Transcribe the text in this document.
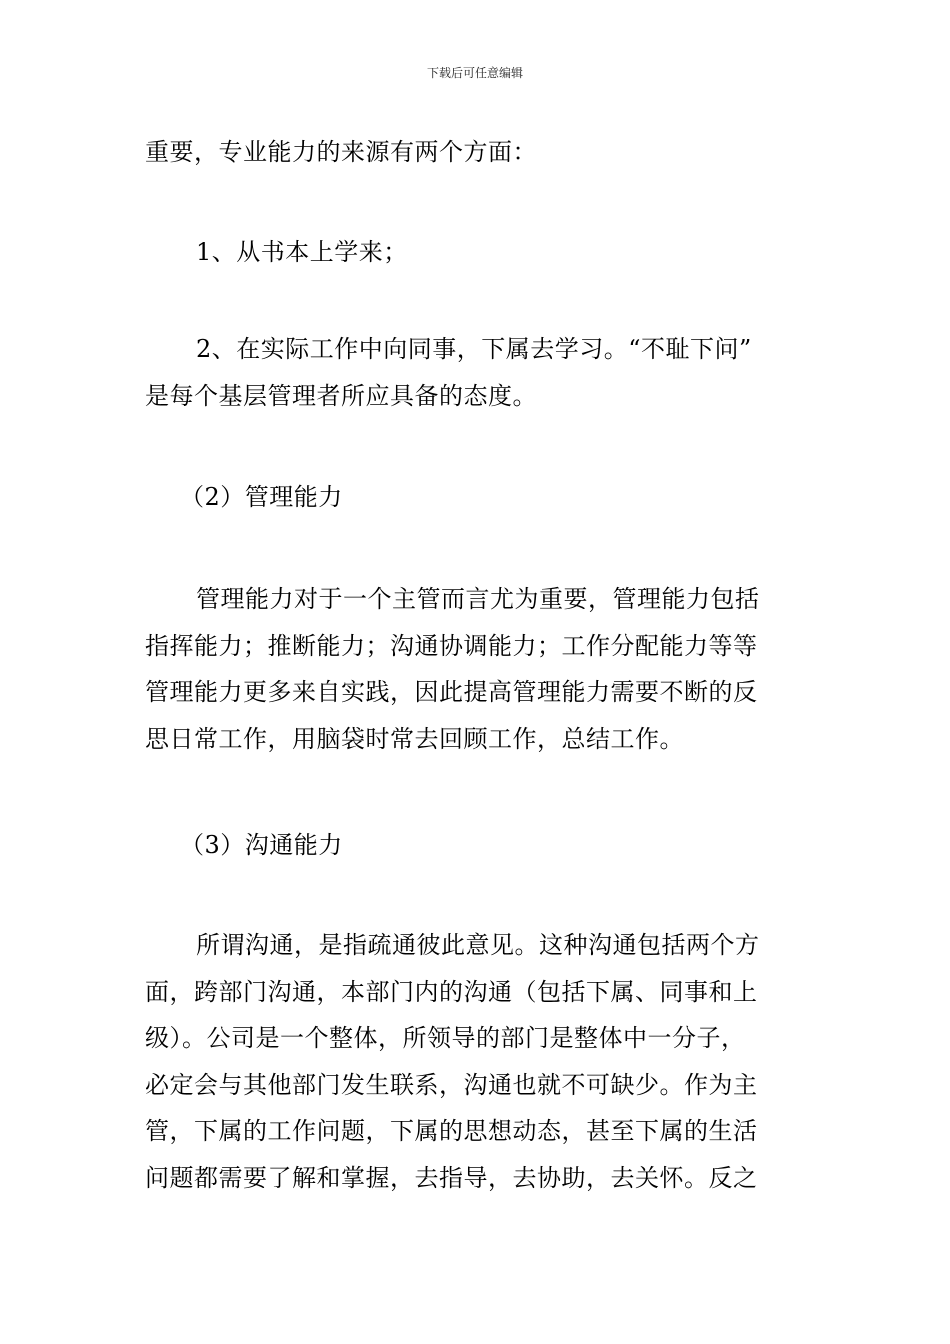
下载后可任意编辑

重要，专业能力的来源有两个方面：

1、从书本上学来；

2、在实际工作中向同事，下属去学习。“不耻下问”

是每个基层管理者所应具备的态度。

（2）管理能力

管理能力对于一个主管而言尤为重要，管理能力包括

指挥能力；推断能力；沟通协调能力；工作分配能力等等

管理能力更多来自实践，因此提高管理能力需要不断的反

思日常工作，用脑袋时常去回顾工作，总结工作。

（3）沟通能力

所谓沟通，是指疏通彼此意见。这种沟通包括两个方

面，跨部门沟通，本部门内的沟通（包括下属、同事和上

级）。公司是一个整体，所领导的部门是整体中一分子，

必定会与其他部门发生联系，沟通也就不可缺少。作为主

管，下属的工作问题，下属的思想动态，甚至下属的生活

问题都需要了解和掌握，去指导，去协助，去关怀。反之
